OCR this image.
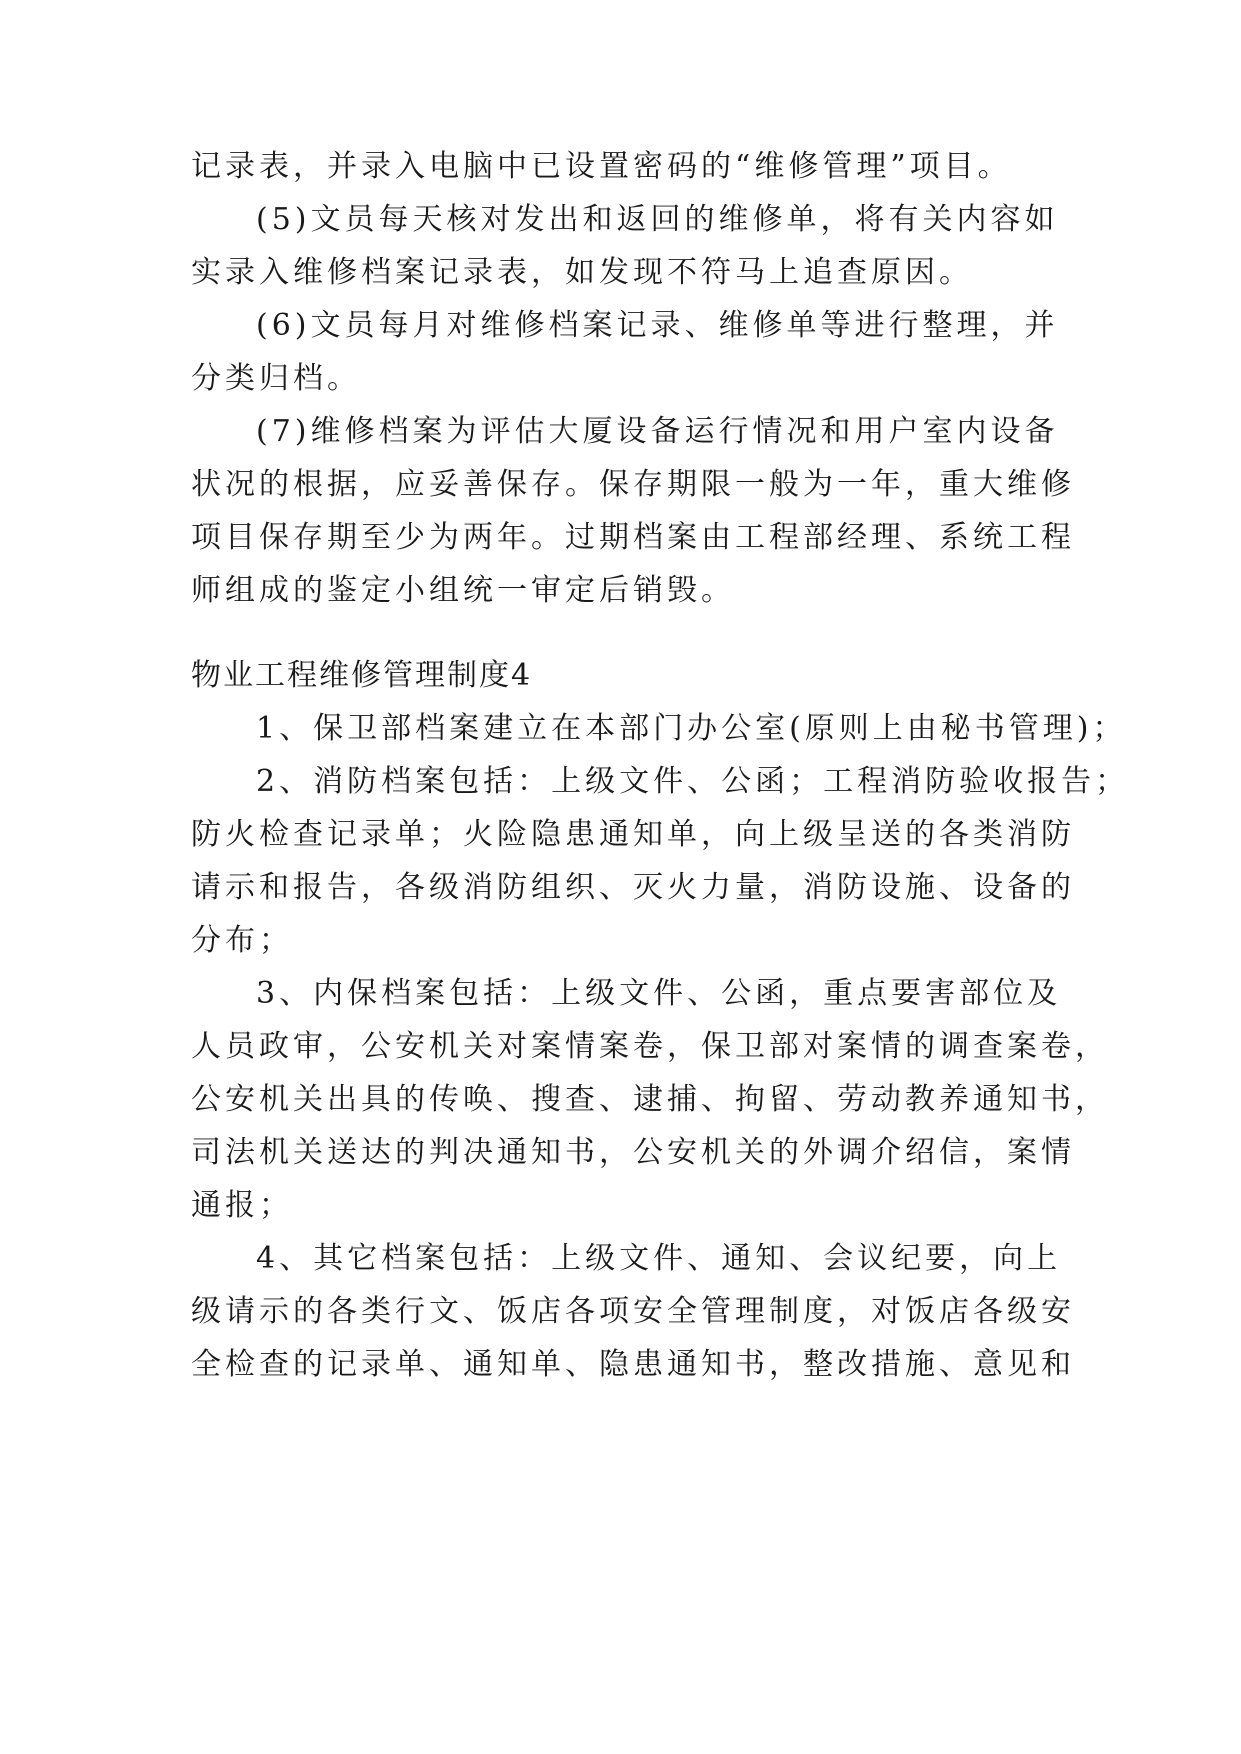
记录表，并录入电脑中已设置密码的“维修管理”项目。
(5)文员每天核对发出和返回的维修单，将有关内容如
实录入维修档案记录表，如发现不符马上追查原因。
(6)文员每月对维修档案记录、维修单等进行整理，并
分类归档。
(7)维修档案为评估大厦设备运行情况和用户室内设备
状况的根据，应妥善保存。保存期限一般为一年，重大维修
项目保存期至少为两年。过期档案由工程部经理、系统工程
师组成的鉴定小组统一审定后销毁。
物业工程维修管理制度4
1、保卫部档案建立在本部门办公室(原则上由秘书管理)；
2、消防档案包括：上级文件、公函；工程消防验收报告；
防火检查记录单；火险隐患通知单，向上级呈送的各类消防
请示和报告，各级消防组织、灭火力量，消防设施、设备的
分布；
3、内保档案包括：上级文件、公函，重点要害部位及
人员政审，公安机关对案情案卷，保卫部对案情的调查案卷，
公安机关出具的传唤、搜查、逮捕、拘留、劳动教养通知书，
司法机关送达的判决通知书，公安机关的外调介绍信，案情
通报；
4、其它档案包括：上级文件、通知、会议纪要，向上
级请示的各类行文、饭店各项安全管理制度，对饭店各级安
全检查的记录单、通知单、隐患通知书，整改措施、意见和
